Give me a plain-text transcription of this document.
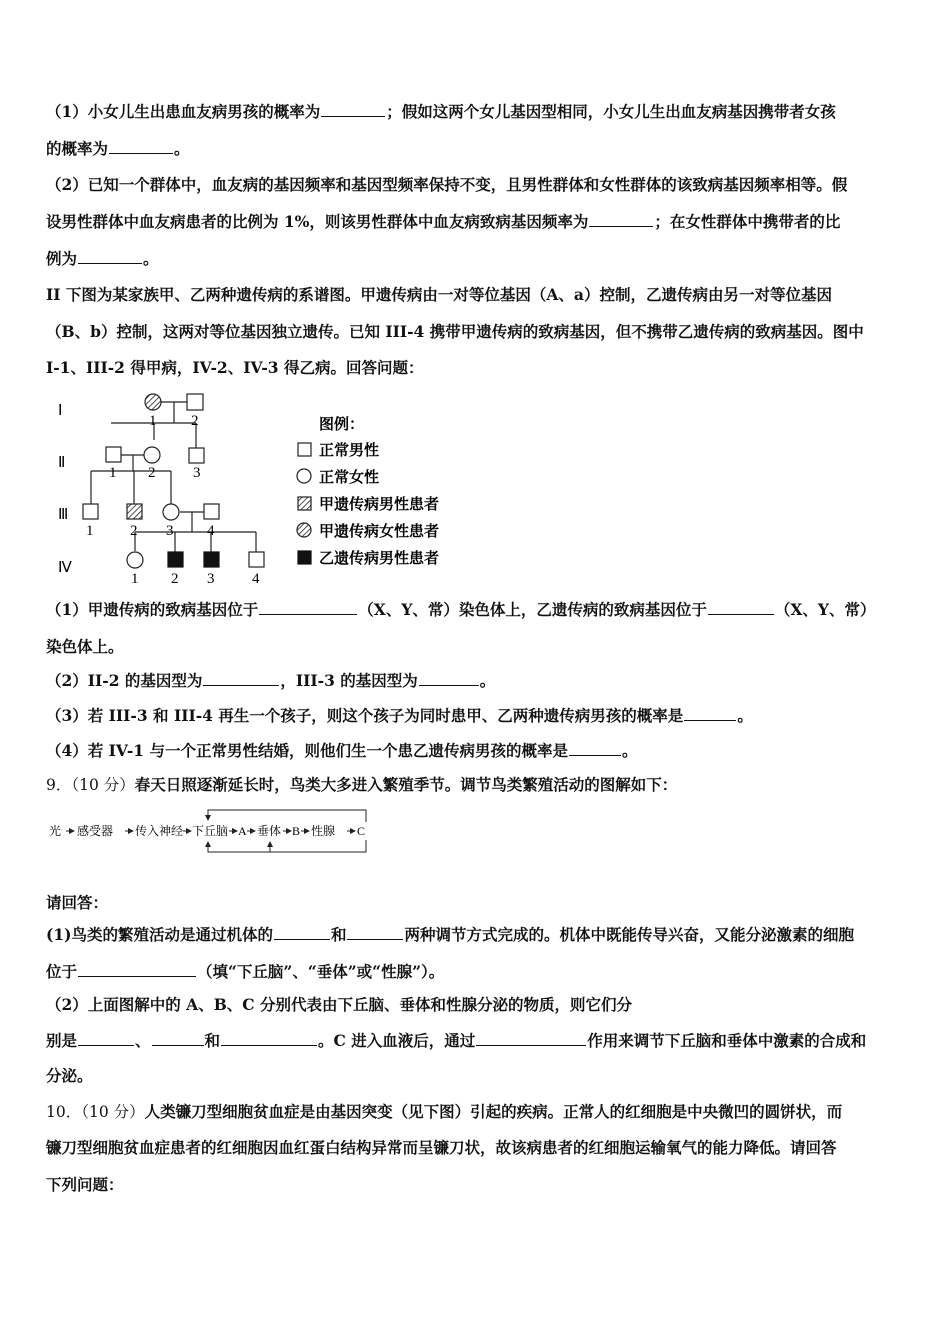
（1）小女儿生出患血友病男孩的概率为	；假如这两个女儿基因型相同，小女儿生出血友病基因携带者女孩
的概率为	。
（2）已知一个群体中，血友病的基因频率和基因型频率保持不变，且男性群体和女性群体的该致病基因频率相等。假
设男性群体中血友病患者的比例为 1%，则该男性群体中血友病致病基因频率为	；在女性群体中携带者的比
例为	。
II 下图为某家族甲、乙两种遗传病的系谱图。甲遗传病由一对等位基因（A、a）控制，乙遗传病由另一对等位基因
（B、b）控制，这两对等位基因独立遗传。已知 III-4 携带甲遗传病的致病基因，但不携带乙遗传病的致病基因。图中
I-1、III-2 得甲病，IV-2、IV-3 得乙病。回答问题：
Ⅰ
Ⅱ
Ⅲ
Ⅳ
1 2
1 2	3
1 2 3 4
1 2 3	4
图例：
正常男性
正常女性
甲遗传病男性患者
甲遗传病女性患者
乙遗传病男性患者
（1）甲遗传病的致病基因位于	（X、Y、常）染色体上，乙遗传病的致病基因位于	（X、Y、常）
染色体上。
（2）II-2 的基因型为	，III-3 的基因型为	。
（3）若 III-3 和 III-4 再生一个孩子，则这个孩子为同时患甲、乙两种遗传病男孩的概率是	。
（4）若 IV-1 与一个正常男性结婚，则他们生一个患乙遗传病男孩的概率是	。
9．（10 分）春天日照逐渐延长时，鸟类大多进入繁殖季节。调节鸟类繁殖活动的图解如下：
光 感受器 传入神经 下丘脑 A 垂体 B 性腺 C
请回答：
(1)鸟类的繁殖活动是通过机体的	和	两种调节方式完成的。机体中既能传导兴奋，又能分泌激素的细胞
位于	（填“下丘脑”、“垂体”或“性腺”）。
（2）上面图解中的 A、B、C 分别代表由下丘脑、垂体和性腺分泌的物质，则它们分
别是	、	和	。C 进入血液后，通过	作用来调节下丘脑和垂体中激素的合成和
分泌。
10．（10 分）人类镰刀型细胞贫血症是由基因突变（见下图）引起的疾病。正常人的红细胞是中央微凹的圆饼状，而
镰刀型细胞贫血症患者的红细胞因血红蛋白结构异常而呈镰刀状，故该病患者的红细胞运输氧气的能力降低。请回答
下列问题：
